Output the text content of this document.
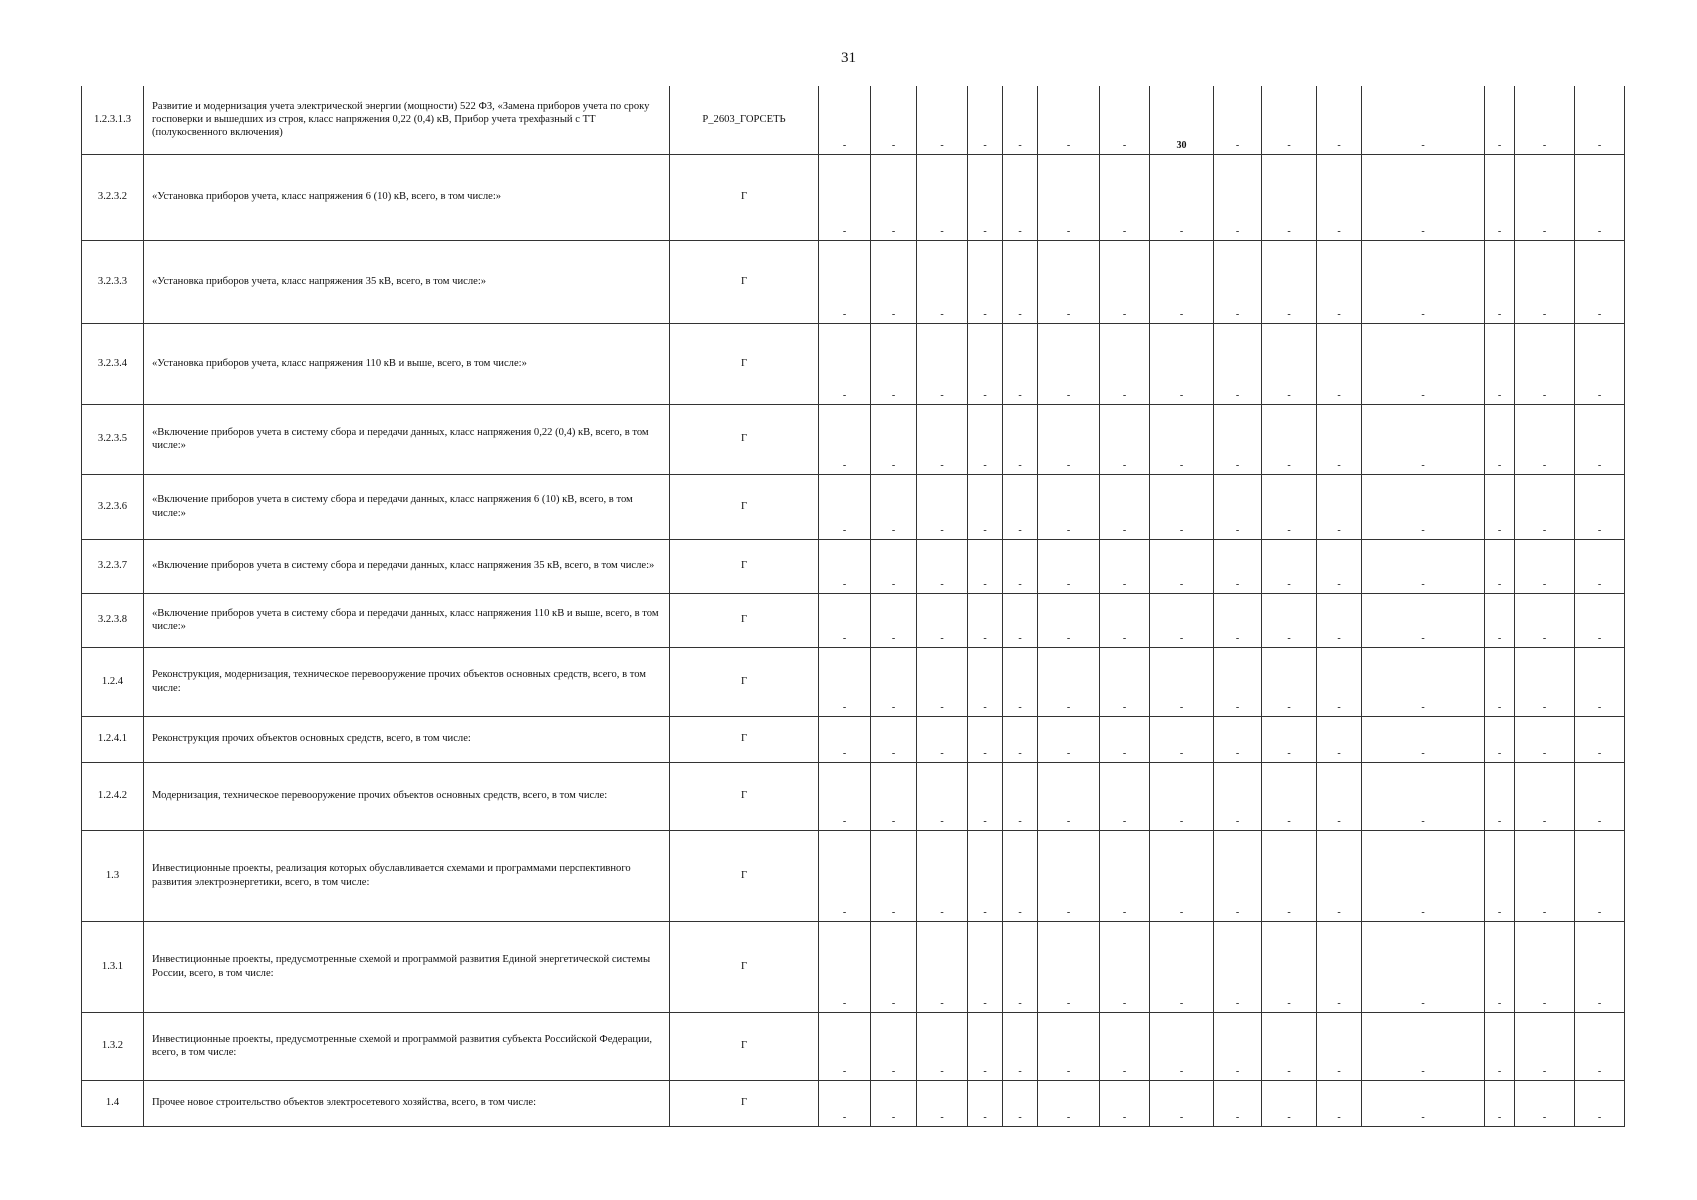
31
1.2.3.1.3	Развитие и модернизация учета электрической энергии (мощности) 522 ФЗ, «Замена приборов учета по сроку госповерки и вышедших из строя, класс напряжения 0,22 (0,4) кВ, Прибор учета трехфазный с ТТ (полукосвенного включения)	P_2603_ГОРСЕТЬ	-	-	-	-	-	-	-	30	-	-	-	-	-	-	-
3.2.3.2	«Установка приборов учета, класс напряжения 6 (10) кВ, всего, в том числе:»	Г	-	-	-	-	-	-	-	-	-	-	-	-	-	-	-
3.2.3.3	«Установка приборов учета, класс напряжения 35 кВ, всего, в том числе:»	Г	-	-	-	-	-	-	-	-	-	-	-	-	-	-	-
3.2.3.4	«Установка приборов учета, класс напряжения 110 кВ и выше, всего, в том числе:»	Г	-	-	-	-	-	-	-	-	-	-	-	-	-	-	-
3.2.3.5	«Включение приборов учета в систему сбора и передачи данных, класс напряжения 0,22 (0,4) кВ, всего, в том числе:»	Г	-	-	-	-	-	-	-	-	-	-	-	-	-	-	-
3.2.3.6	«Включение приборов учета в систему сбора и передачи данных, класс напряжения 6 (10) кВ, всего, в том числе:»	Г	-	-	-	-	-	-	-	-	-	-	-	-	-	-	-
3.2.3.7	«Включение приборов учета в систему сбора и передачи данных, класс напряжения 35 кВ, всего, в том числе:»	Г	-	-	-	-	-	-	-	-	-	-	-	-	-	-	-
3.2.3.8	«Включение приборов учета в систему сбора и передачи данных, класс напряжения 110 кВ и выше, всего, в том числе:»	Г	-	-	-	-	-	-	-	-	-	-	-	-	-	-	-
1.2.4	Реконструкция, модернизация, техническое перевооружение прочих объектов основных средств, всего, в том числе:	Г	-	-	-	-	-	-	-	-	-	-	-	-	-	-	-
1.2.4.1	Реконструкция прочих объектов основных средств, всего, в том числе:	Г	-	-	-	-	-	-	-	-	-	-	-	-	-	-	-
1.2.4.2	Модернизация, техническое перевооружение прочих объектов основных средств, всего, в том числе:	Г	-	-	-	-	-	-	-	-	-	-	-	-	-	-	-
1.3	Инвестиционные проекты, реализация которых обуславливается схемами и программами перспективного развития электроэнергетики, всего, в том числе:	Г	-	-	-	-	-	-	-	-	-	-	-	-	-	-	-
1.3.1	Инвестиционные проекты, предусмотренные схемой и программой развития Единой энергетической системы России, всего, в том числе:	Г	-	-	-	-	-	-	-	-	-	-	-	-	-	-	-
1.3.2	Инвестиционные проекты, предусмотренные схемой и программой развития субъекта Российской Федерации, всего, в том числе:	Г	-	-	-	-	-	-	-	-	-	-	-	-	-	-	-
1.4	Прочее новое строительство объектов электросетевого хозяйства, всего, в том числе:	Г	-	-	-	-	-	-	-	-	-	-	-	-	-	-	-
